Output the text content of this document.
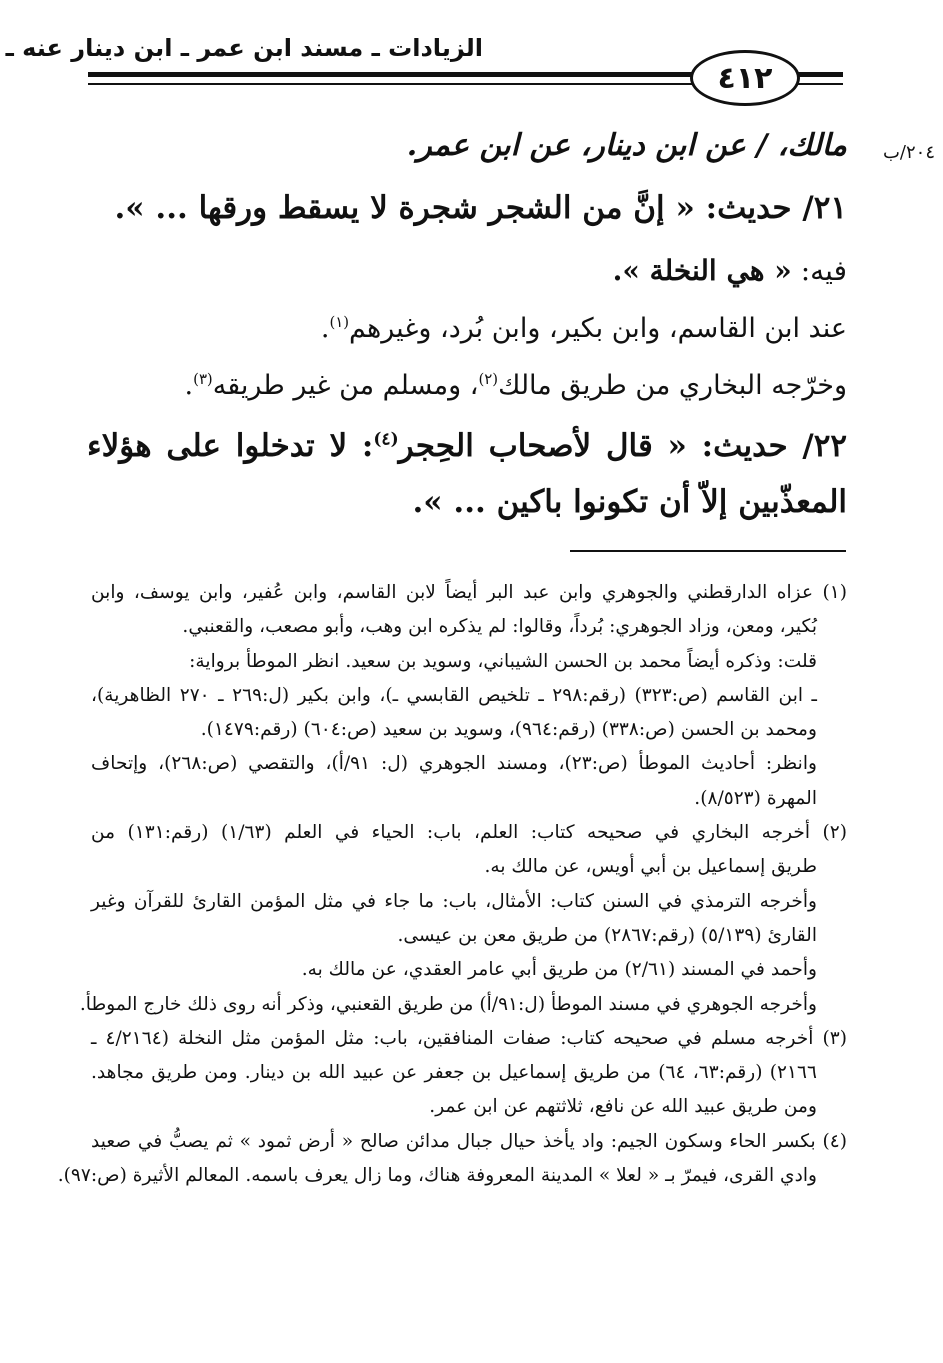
الزيادات ـ مسند ابن عمر ـ ابن دينار عنه ـ
٤١٢
٢٠٤/ب
مالك، / عن ابن دينار، عن ابن عمر.
٢١/ حديث: « إنَّ من الشجر شجرة لا يسقط ورقها ... ».
فيه: « هي النخلة ».
عند ابن القاسم، وابن بكير، وابن بُرد، وغيرهم$^{(١)}$.
وخرّجه البخاري من طريق مالك$^{(٢)}$، ومسلم من غير طريقه$^{(٣)}$.
٢٢/ حديث: « قال لأصحاب الحِجر$^{(٤)}$: لا تدخلوا على هؤلاء
المعذّبين إلاّ أن تكونوا باكين ... ».
(١) عزاه الدارقطني والجوهري وابن عبد البر أيضاً لابن القاسم، وابن عُفير، وابن يوسف، وابن
بُكير، ومعن، وزاد الجوهري: بُرداً، وقالوا: لم يذكره ابن وهب، وأبو مصعب، والقعنبي.
قلت: وذكره أيضاً محمد بن الحسن الشيباني، وسويد بن سعيد. انظر الموطأ برواية:
ـ ابن القاسم (ص:٣٢٣) (رقم:٢٩٨ ـ تلخيص القابسي ـ)، وابن بكير (ل:٢٦٩ ـ ٢٧٠ الظاهرية)،
ومحمد بن الحسن (ص:٣٣٨) (رقم:٩٦٤)، وسويد بن سعيد (ص:٦٠٤) (رقم:١٤٧٩).
وانظر: أحاديث الموطأ (ص:٢٣)، ومسند الجوهري (ل: ٩١/أ)، والتقصي (ص:٢٦٨)، وإتحاف
المهرة (٨/٥٢٣).
(٢) أخرجه البخاري في صحيحه كتاب: العلم، باب: الحياء في العلم (١/٦٣) (رقم:١٣١) من
طريق إسماعيل بن أبي أويس، عن مالك به.
وأخرجه الترمذي في السنن كتاب: الأمثال، باب: ما جاء في مثل المؤمن القارئ للقرآن وغير
القارئ (٥/١٣٩) (رقم:٢٨٦٧) من طريق معن بن عيسى.
وأحمد في المسند (٢/٦١) من طريق أبي عامر العقدي، عن مالك به.
وأخرجه الجوهري في مسند الموطأ (ل:٩١/أ) من طريق القعنبي، وذكر أنه روى ذلك خارج الموطأ.
(٣) أخرجه مسلم في صحيحه كتاب: صفات المنافقين، باب: مثل المؤمن مثل النخلة (٤/٢١٦٤ ـ
٢١٦٦) (رقم:٦٣، ٦٤) من طريق إسماعيل بن جعفر عن عبيد الله بن دينار. ومن طريق مجاهد.
ومن طريق عبيد الله عن نافع، ثلاثتهم عن ابن عمر.
(٤) بكسر الحاء وسكون الجيم: واد يأخذ حيال جبال مدائن صالح « أرض ثمود » ثم يصبُّ في صعيد
وادي القرى، فيمرّ بـ « لعلا » المدينة المعروفة هناك، وما زال يعرف باسمه. المعالم الأثيرة (ص:٩٧).
